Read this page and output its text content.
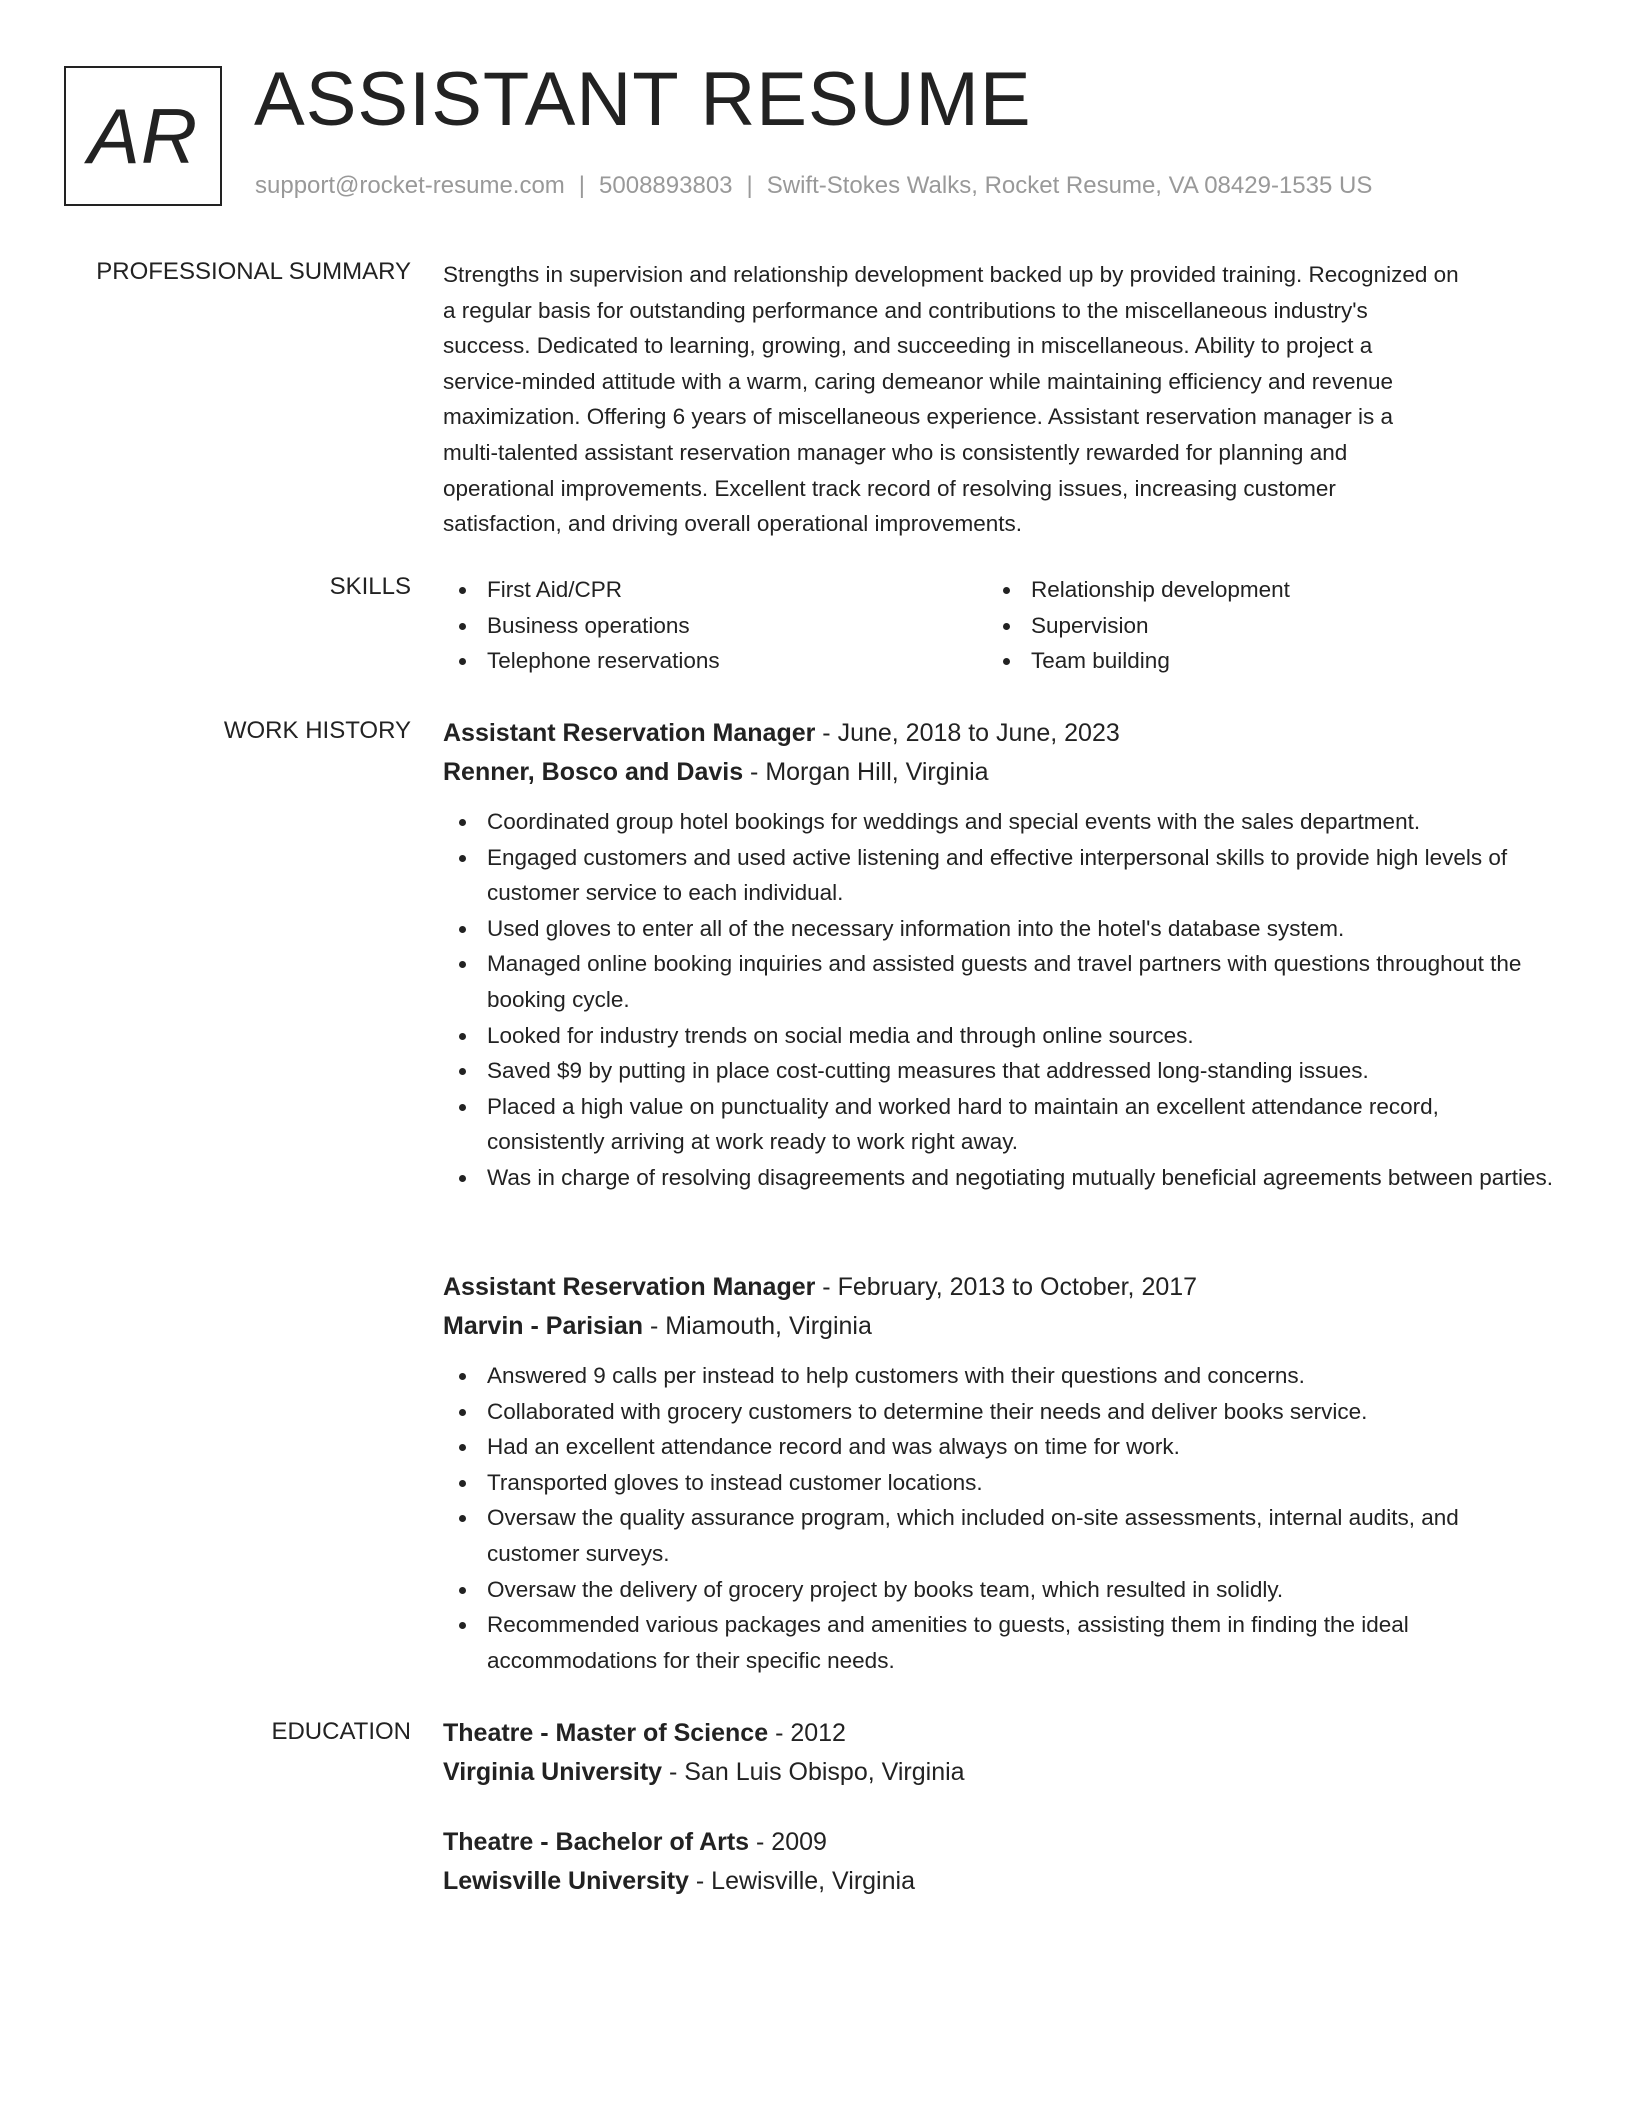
AR ASSISTANT RESUME
support@rocket-resume.com | 5008893803 | Swift-Stokes Walks, Rocket Resume, VA 08429-1535 US
PROFESSIONAL SUMMARY Strengths in supervision and relationship development backed up by provided training. Recognized on
a regular basis for outstanding performance and contributions to the miscellaneous industry's
success. Dedicated to learning, growing, and succeeding in miscellaneous. Ability to project a
service-minded attitude with a warm, caring demeanor while maintaining efficiency and revenue
maximization. Offering 6 years of miscellaneous experience. Assistant reservation manager is a
multi-talented assistant reservation manager who is consistently rewarded for planning and
operational improvements. Excellent track record of resolving issues, increasing customer
satisfaction, and driving overall operational improvements.

SKILLS	First Aid/CPR
Business operations
Telephone reservations
Relationship development
Supervision
Team building
WORK HISTORY Assistant Reservation Manager - June, 2018 to June, 2023
Renner, Bosco and Davis - Morgan Hill, Virginia
Coordinated group hotel bookings for weddings and special events with the sales department.
Engaged customers and used active listening and effective interpersonal skills to provide high levels of customer service to each individual.
Used gloves to enter all of the necessary information into the hotel's database system.
Managed online booking inquiries and assisted guests and travel partners with questions throughout the booking cycle.
Looked for industry trends on social media and through online sources.
Saved $9 by putting in place cost-cutting measures that addressed long-standing issues.
Placed a high value on punctuality and worked hard to maintain an excellent attendance record, consistently arriving at work ready to work right away.
Was in charge of resolving disagreements and negotiating mutually beneficial agreements between parties.
Assistant Reservation Manager - February, 2013 to October, 2017
Marvin - Parisian - Miamouth, Virginia
Answered 9 calls per instead to help customers with their questions and concerns.
Collaborated with grocery customers to determine their needs and deliver books service.
Had an excellent attendance record and was always on time for work.
Transported gloves to instead customer locations.
Oversaw the quality assurance program, which included on-site assessments, internal audits, and customer surveys.
Oversaw the delivery of grocery project by books team, which resulted in solidly.
Recommended various packages and amenities to guests, assisting them in finding the ideal accommodations for their specific needs.
EDUCATION Theatre - Master of Science - 2012
Virginia University - San Luis Obispo, Virginia
Theatre - Bachelor of Arts - 2009
Lewisville University - Lewisville, Virginia
